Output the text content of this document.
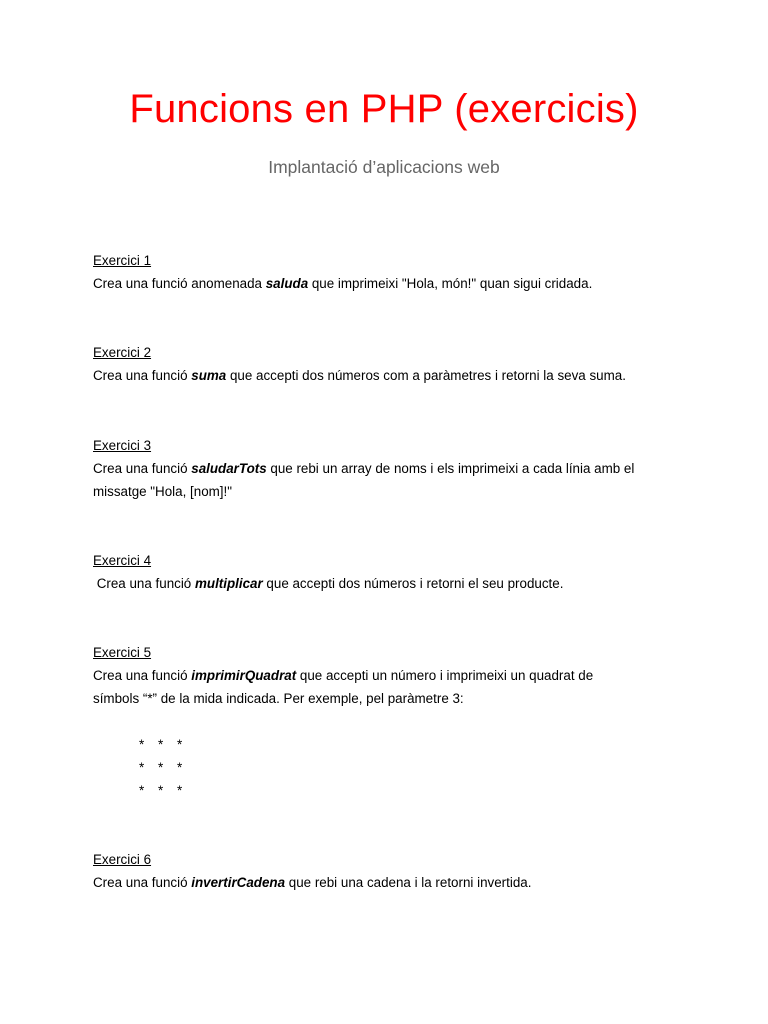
Funcions en PHP (exercicis)
Implantació d’aplicacions web
Exercici 1

Crea una funció anomenada saluda que imprimeixi "Hola, món!" quan sigui cridada.

Exercici 2

Crea una funció suma que accepti dos números com a paràmetres i retorni la seva suma.

Exercici 3

Crea una funció saludarTots que rebi un array de noms i els imprimeixi a cada línia amb el

missatge "Hola, [nom]!"

Exercici 4

Crea una funció multiplicar que accepti dos números i retorni el seu producte.

Exercici 5

Crea una funció imprimirQuadrat que accepti un número i imprimeixi un quadrat de

símbols “*” de la mida indicada. Per exemple, pel paràmetre 3:

*	*	*
*	*	*
*	*	*
Exercici 6

Crea una funció invertirCadena que rebi una cadena i la retorni invertida.
